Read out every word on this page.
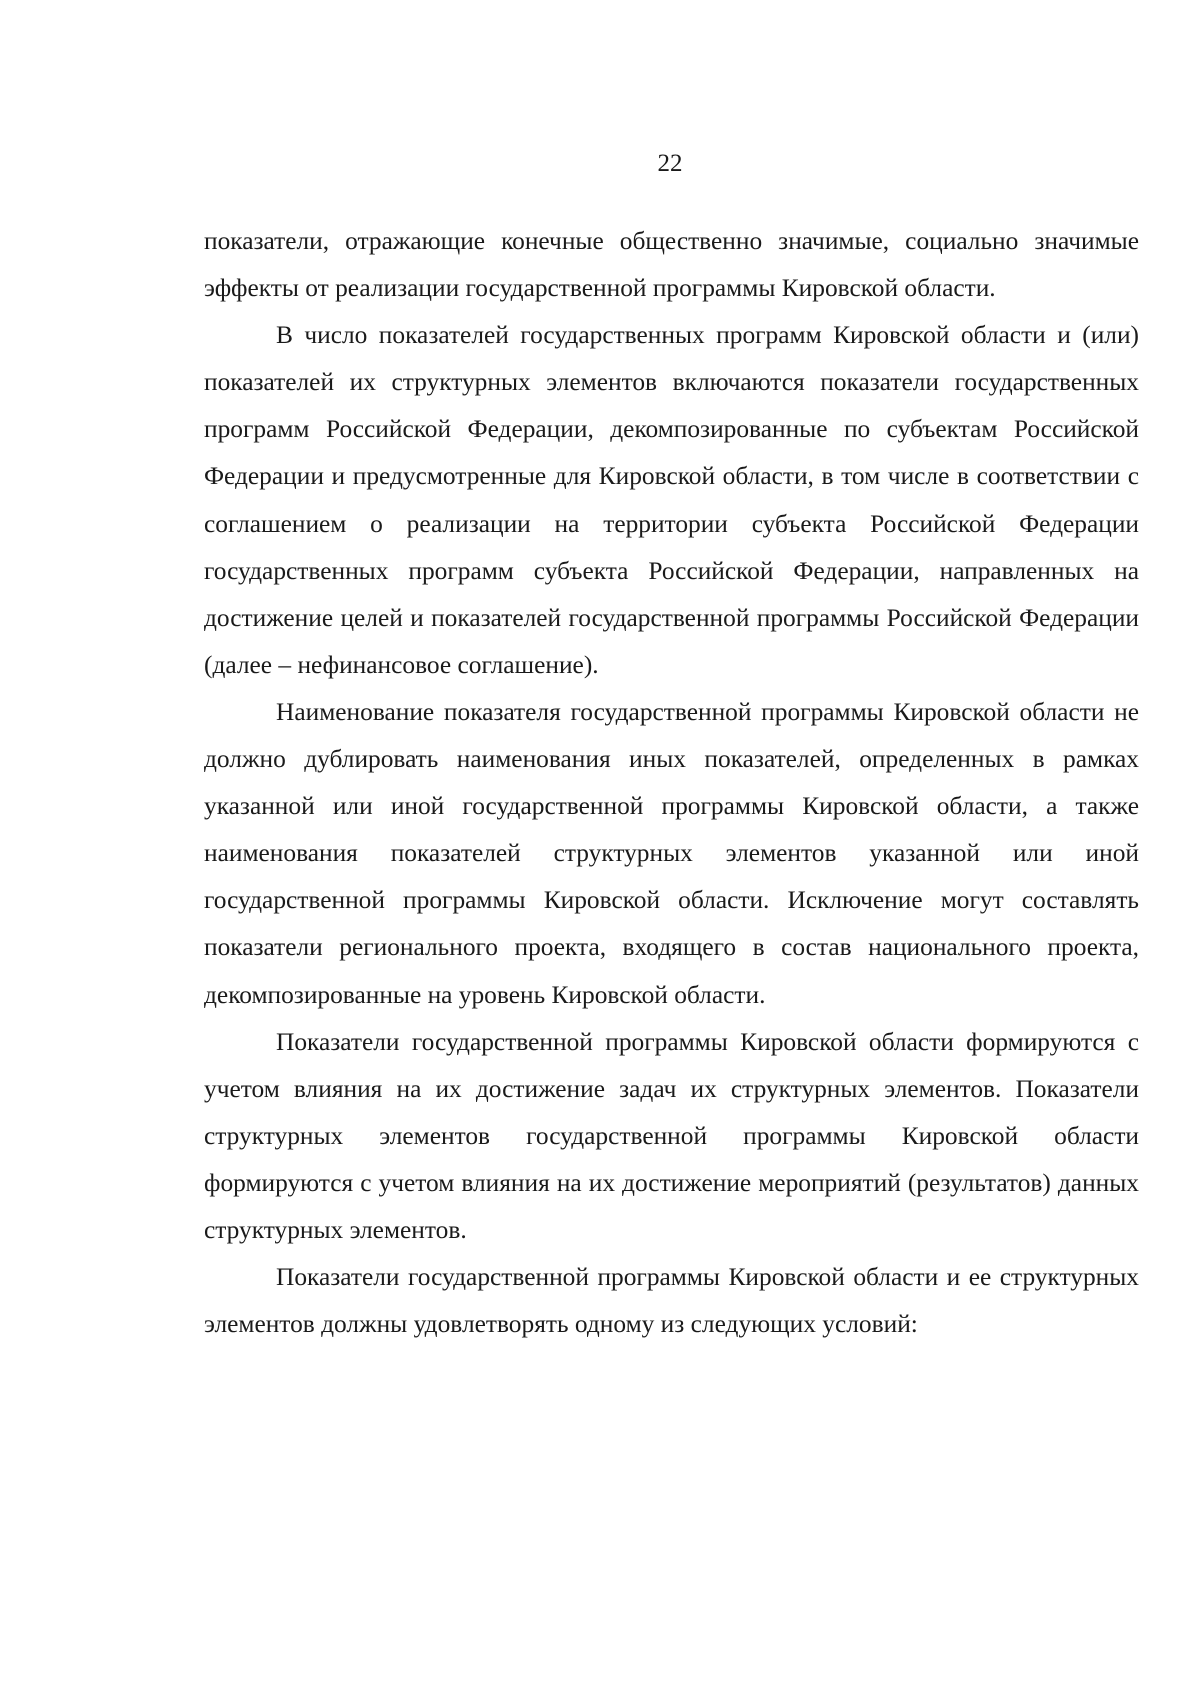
22

показатели, отражающие конечные общественно значимые, социально значимые эффекты от реализации государственной программы Кировской области.

В число показателей государственных программ Кировской области и (или) показателей их структурных элементов включаются показатели государственных программ Российской Федерации, декомпозированные по субъектам Российской Федерации и предусмотренные для Кировской области, в том числе в соответствии с соглашением о реализации на территории субъекта Российской Федерации государственных программ субъекта Российской Федерации, направленных на достижение целей и показателей государственной программы Российской Федерации (далее – нефинансовое соглашение).

Наименование показателя государственной программы Кировской области не должно дублировать наименования иных показателей, определенных в рамках указанной или иной государственной программы Кировской области, а также наименования показателей структурных элементов указанной или иной государственной программы Кировской области. Исключение могут составлять показатели регионального проекта, входящего в состав национального проекта, декомпозированные на уровень Кировской области.

Показатели государственной программы Кировской области формируются с учетом влияния на их достижение задач их структурных элементов. Показатели структурных элементов государственной программы Кировской области формируются с учетом влияния на их достижение мероприятий (результатов) данных структурных элементов.

Показатели государственной программы Кировской области и ее структурных элементов должны удовлетворять одному из следующих условий:
